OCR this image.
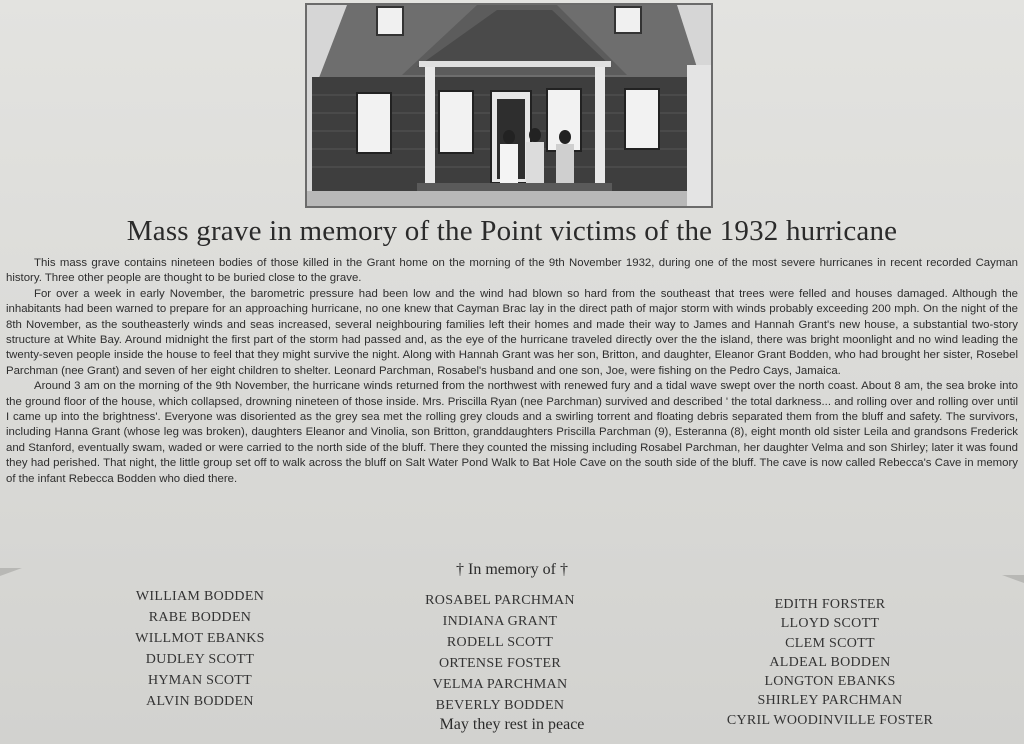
Mass grave in memory of the Point victims of the 1932 hurricane

This mass grave contains nineteen bodies of those killed in the Grant home on the morning of the 9th November 1932, during one of the most severe hurricanes in recent recorded Cayman history. Three other people are thought to be buried close to the grave.

For over a week in early November, the barometric pressure had been low and the wind had blown so hard from the southeast that trees were felled and houses damaged. Although the inhabitants had been warned to prepare for an approaching hurricane, no one knew that Cayman Brac lay in the direct path of major storm with winds probably exceeding 200 mph. On the night of the 8th November, as the southeasterly winds and seas increased, several neighbouring families left their homes and made their way to James and Hannah Grant's new house, a substantial two-story structure at White Bay. Around midnight the first part of the storm had passed and, as the eye of the hurricane traveled directly over the the island, there was bright moonlight and no wind leading the twenty-seven people inside the house to feel that they might survive the night. Along with Hannah Grant was her son, Britton, and daughter, Eleanor Grant Bodden, who had brought her sister, Rosebel Parchman (nee Grant) and seven of her eight children to shelter. Leonard Parchman, Rosabel's husband and one son, Joe, were fishing on the Pedro Cays, Jamaica.

Around 3 am on the morning of the 9th November, the hurricane winds returned from the northwest with renewed fury and a tidal wave swept over the north coast. About 8 am, the sea broke into the ground floor of the house, which collapsed, drowning nineteen of those inside. Mrs. Priscilla Ryan (nee Parchman) survived and described ' the total darkness... and rolling over and rolling over until I came up into the brightness'. Everyone was disoriented as the grey sea met the rolling grey clouds and a swirling torrent and floating debris separated them from the bluff and safety. The survivors, including Hanna Grant (whose leg was broken), daughters Eleanor and Vinolia, son Britton, granddaughters Priscilla Parchman (9), Esteranna (8), eight month old sister Leila and grandsons Frederick and Stanford, eventually swam, waded or were carried to the north side of the bluff. There they counted the missing including Rosabel Parchman, her daughter Velma and son Shirley; later it was found they had perished. That night, the little group set off to walk across the bluff on Salt Water Pond Walk to Bat Hole Cave on the south side of the bluff. The cave is now called Rebecca's Cave in memory of the infant Rebecca Bodden who died there.

† In memory of †
WILLIAM BODDEN
RABE BODDEN
WILLMOT EBANKS
DUDLEY SCOTT
HYMAN SCOTT
ALVIN BODDEN
ROSABEL PARCHMAN
INDIANA GRANT
RODELL SCOTT
ORTENSE FOSTER
VELMA PARCHMAN
BEVERLY BODDEN
EDITH FORSTER
LLOYD SCOTT
CLEM SCOTT
ALDEAL BODDEN
LONGTON EBANKS
SHIRLEY PARCHMAN
CYRIL WOODINVILLE FOSTER
May they rest in peace
